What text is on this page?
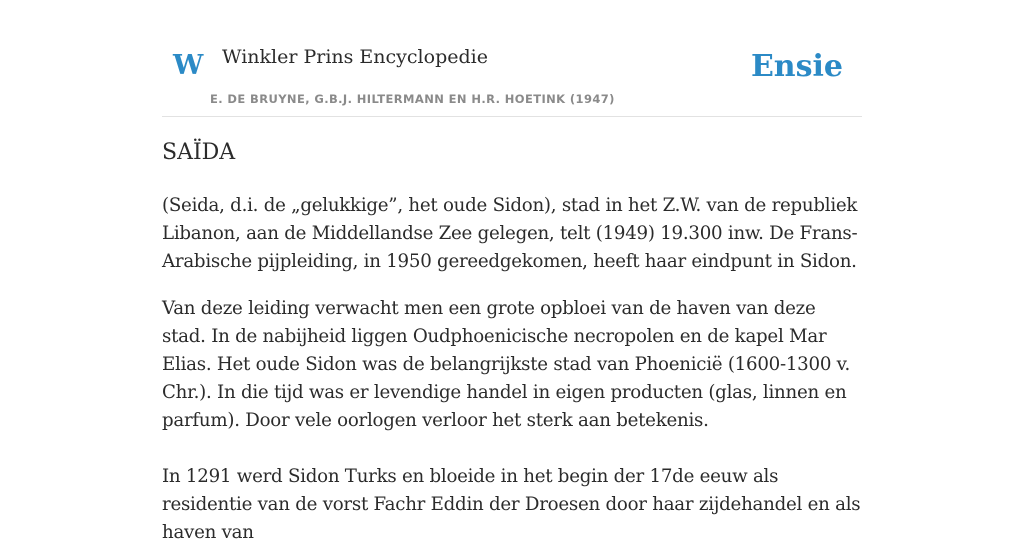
W Winkler Prins Encyclopedie
E. DE BRUYNE, G.B.J. HILTERMANN EN H.R. HOETINK (1947)
Ensie
SAÏDA

(Seida, d.i. de „gelukkige”, het oude Sidon), stad in het Z.W. van de republiek Libanon, aan de Middellandse Zee gelegen, telt (1949) 19.300 inw. De Frans-Arabische pijpleiding, in 1950 gereedgekomen, heeft haar eindpunt in Sidon.

Van deze leiding verwacht men een grote opbloei van de haven van deze stad. In de nabijheid liggen Oudphoenicische necropolen en de kapel Mar Elias. Het oude Sidon was de belangrijkste stad van Phoenicië (1600-1300 v. Chr.). In die tijd was er levendige handel in eigen producten (glas, linnen en parfum). Door vele oorlogen verloor het sterk aan betekenis.

In 1291 werd Sidon Turks en bloeide in het begin der 17de eeuw als residentie van de vorst Fachr Eddin der Droesen door haar zijdehandel en als haven van
